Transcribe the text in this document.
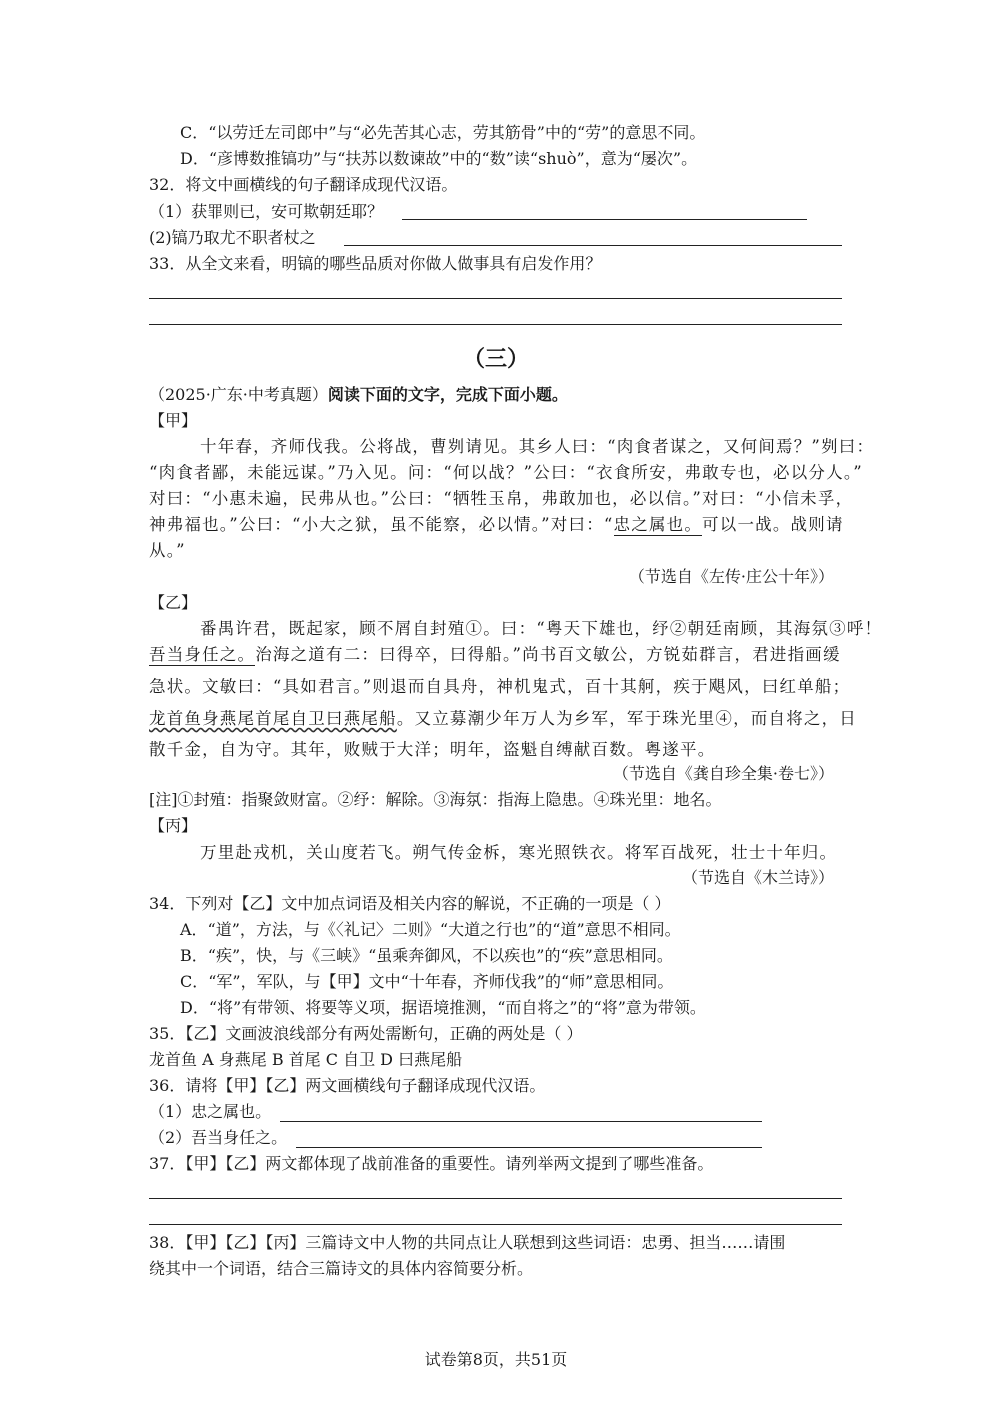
C．“以劳迁左司郎中”与“必先苦其心志，劳其筋骨”中的“劳”的意思不同。
D．“彦博数推镐功”与“扶苏以数谏故”中的“数”读“shuò”，意为“屡次”。
32．将文中画横线的句子翻译成现代汉语。
（1）获罪则已，安可欺朝廷耶？
(2)镐乃取尤不职者杖之
33．从全文来看，明镐的哪些品质对你做人做事具有启发作用？
（三）
（2025·广东·中考真题）阅读下面的文字，完成下面小题。
【甲】
十年春，齐师伐我。公将战，曹刿请见。其乡人曰：“肉食者谋之，又何间焉？”刿曰：
“肉食者鄙，未能远谋。”乃入见。问：“何以战？”公曰：“衣食所安，弗敢专也，必以分人。”
对曰：“小惠未遍，民弗从也。”公曰：“牺牲玉帛，弗敢加也，必以信。”对曰：“小信未孚，
神弗福也。”公曰：“小大之狱，虽不能察，必以情。”对曰：“忠之属也。可以一战。战则请
从。”
（节选自《左传·庄公十年》）
【乙】
番禺许君，既起家，顾不屑自封殖①。曰：“粤天下雄也，纾②朝廷南顾，其海氛③呼！
吾当身任之。治海之道有二：曰得卒，曰得船。”尚书百文敏公，方锐茹群言，君进指画缓
急状。文敏曰：“具如君言。”则退而自具舟，神机鬼式，百十其舸，疾于飓风，曰红单船；
龙首鱼身燕尾首尾自卫曰燕尾船。又立募潮少年万人为乡军，军于珠光里④，而自将之，日
散千金，自为守。其年，败贼于大洋；明年，盗魁自缚献百数。粤遂平。
（节选自《龚自珍全集·卷七》）
[注]①封殖：指聚敛财富。②纾：解除。③海氛：指海上隐患。④珠光里：地名。
【丙】
万里赴戎机，关山度若飞。朔气传金柝，寒光照铁衣。将军百战死，壮士十年归。
（节选自《木兰诗》）
34．下列对【乙】文中加点词语及相关内容的解说，不正确的一项是（ ）
A．“道”，方法，与《〈礼记〉二则》“大道之行也”的“道”意思不相同。
B．“疾”，快，与《三峡》“虽乘奔御风，不以疾也”的“疾”意思相同。
C．“军”，军队，与【甲】文中“十年春，齐师伐我”的“师”意思相同。
D．“将”有带领、将要等义项，据语境推测，“而自将之”的“将”意为带领。
35．【乙】文画波浪线部分有两处需断句，正确的两处是（ ）
龙首鱼 A 身燕尾 B 首尾 C 自卫 D 曰燕尾船
36．请将【甲】【乙】两文画横线句子翻译成现代汉语。
（1）忠之属也。
（2）吾当身任之。
37．【甲】【乙】两文都体现了战前准备的重要性。请列举两文提到了哪些准备。
38．【甲】【乙】【丙】三篇诗文中人物的共同点让人联想到这些词语：忠勇、担当……请围
绕其中一个词语，结合三篇诗文的具体内容简要分析。
试卷第8页，共51页
